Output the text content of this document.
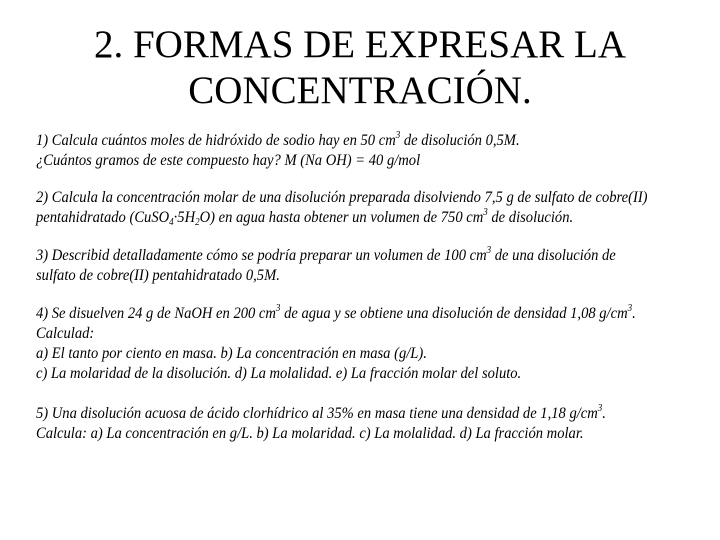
2. FORMAS DE EXPRESAR LA
CONCENTRACIÓN.
1) Calcula cuántos moles de hidróxido de sodio hay en 50 $cm^3$ de disolución 0,5M.
¿Cuántos gramos de este compuesto hay? M (Na OH) = 40 g/mol
2) Calcula la concentración molar de una disolución preparada disolviendo 7,5 g de sulfato de cobre(II)
pentahidratado $(CuSO_4\cdot 5H_2O)$ en agua hasta obtener un volumen de 750 $cm^3$ de disolución.
3) Describid detalladamente cómo se podría preparar un volumen de 100 $cm^3$ de una disolución de
sulfato de cobre(II) pentahidratado 0,5M.
4) Se disuelven 24 g de NaOH en 200 $cm^3$ de agua y se obtiene una disolución de densidad 1,08 $g/cm^3$.
Calculad:
a) El tanto por ciento en masa. b) La concentración en masa (g/L).
c) La molaridad de la disolución. d) La molalidad. e) La fracción molar del soluto.
5) Una disolución acuosa de ácido clorhídrico al 35% en masa tiene una densidad de 1,18 $g/cm^3$.
Calcula: a) La concentración en g/L. b) La molaridad. c) La molalidad. d) La fracción molar.
